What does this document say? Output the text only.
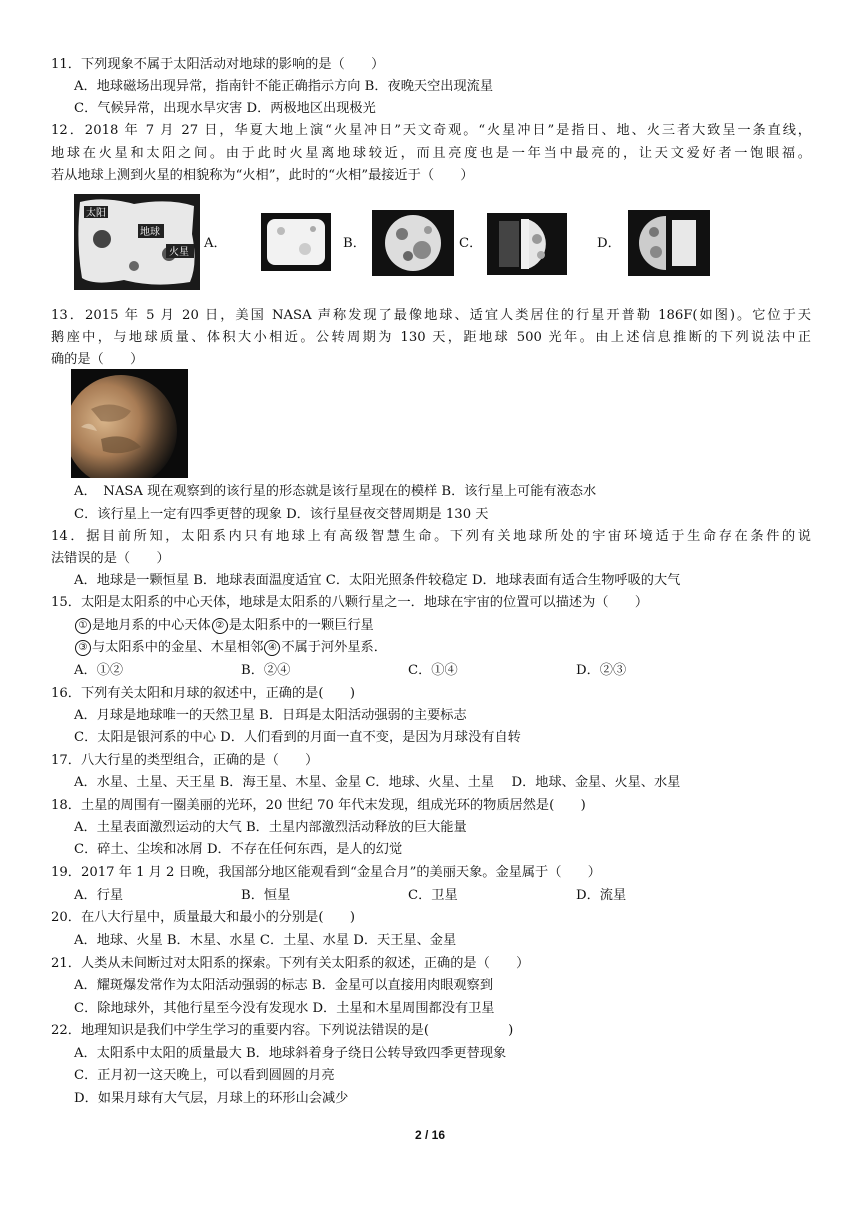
11．下列现象不属于太阳活动对地球的影响的是（　　）
A．地球磁场出现异常，指南针不能正确指示方向 B．夜晚天空出现流星
C．气候异常，出现水旱灾害 D．两极地区出现极光
12．2018 年 7 月 27 日，华夏大地上演“火星冲日”天文奇观。“火星冲日”是指日、地、火三者大致呈一条直线，
地球在火星和太阳之间。由于此时火星离地球较近，而且亮度也是一年当中最亮的，让天文爱好者一饱眼福。
若从地球上测到火星的相貌称为“火相”，此时的“火相”最接近于（　　）
太阳
地球
火星
A．	B．	C．	D．
13．2015 年 5 月 20 日，美国 NASA 声称发现了最像地球、适宜人类居住的行星开普勒 186F(如图)。它位于天
鹅座中，与地球质量、体积大小相近。公转周期为 130 天，距地球 500 光年。由上述信息推断的下列说法中正
确的是（　　）
A．　NASA 现在观察到的该行星的形态就是该行星现在的模样 B．该行星上可能有液态水
C．该行星上一定有四季更替的现象 D．该行星昼夜交替周期是 130 天
14．据目前所知，太阳系内只有地球上有高级智慧生命。下列有关地球所处的宇宙环境适于生命存在条件的说
法错误的是（　　）
A．地球是一颗恒星 B．地球表面温度适宜 C．太阳光照条件较稳定 D．地球表面有适合生物呼吸的大气
15．太阳是太阳系的中心天体，地球是太阳系的八颗行星之一．地球在宇宙的位置可以描述为（　　）
① 是地月系的中心天体 ② 是太阳系中的一颗巨行星
③ 与太阳系中的金星、木星相邻 ④ 不属于河外星系．
A．①②	B．②④	C．①④	D．②③
16．下列有关太阳和月球的叙述中，正确的是(　　)
A．月球是地球唯一的天然卫星 B．日珥是太阳活动强弱的主要标志
C．太阳是银河系的中心 D．人们看到的月面一直不变，是因为月球没有自转
17．八大行星的类型组合，正确的是（　　）
A．水星、土星、天王星 B．海王星、木星、金星 C．地球、火星、土星　 D．地球、金星、火星、水星
18．土星的周围有一圈美丽的光环，20 世纪 70 年代末发现，组成光环的物质居然是(　　)
A．土星表面激烈运动的大气 B．土星内部激烈活动释放的巨大能量
C．碎土、尘埃和冰屑 D．不存在任何东西，是人的幻觉
19．2017 年 1 月 2 日晚，我国部分地区能观看到“金星合月”的美丽天象。金星属于（　　）
A．行星	B．恒星	C．卫星	D．流星
20．在八大行星中，质量最大和最小的分别是(　　)
A．地球、火星 B．木星、水星 C．土星、水星 D．天王星、金星
21．人类从未间断过对太阳系的探索。下列有关太阳系的叙述，正确的是（　　）
A．耀斑爆发常作为太阳活动强弱的标志 B．金星可以直接用肉眼观察到
C．除地球外，其他行星至今没有发现水 D．土星和木星周围都没有卫星
22．地理知识是我们中学生学习的重要内容。下列说法错误的是(　　　　　　)
A．太阳系中太阳的质量最大 B．地球斜着身子绕日公转导致四季更替现象
C．正月初一这天晚上，可以看到圆圆的月亮
D．如果月球有大气层，月球上的环形山会减少
2 / 16
